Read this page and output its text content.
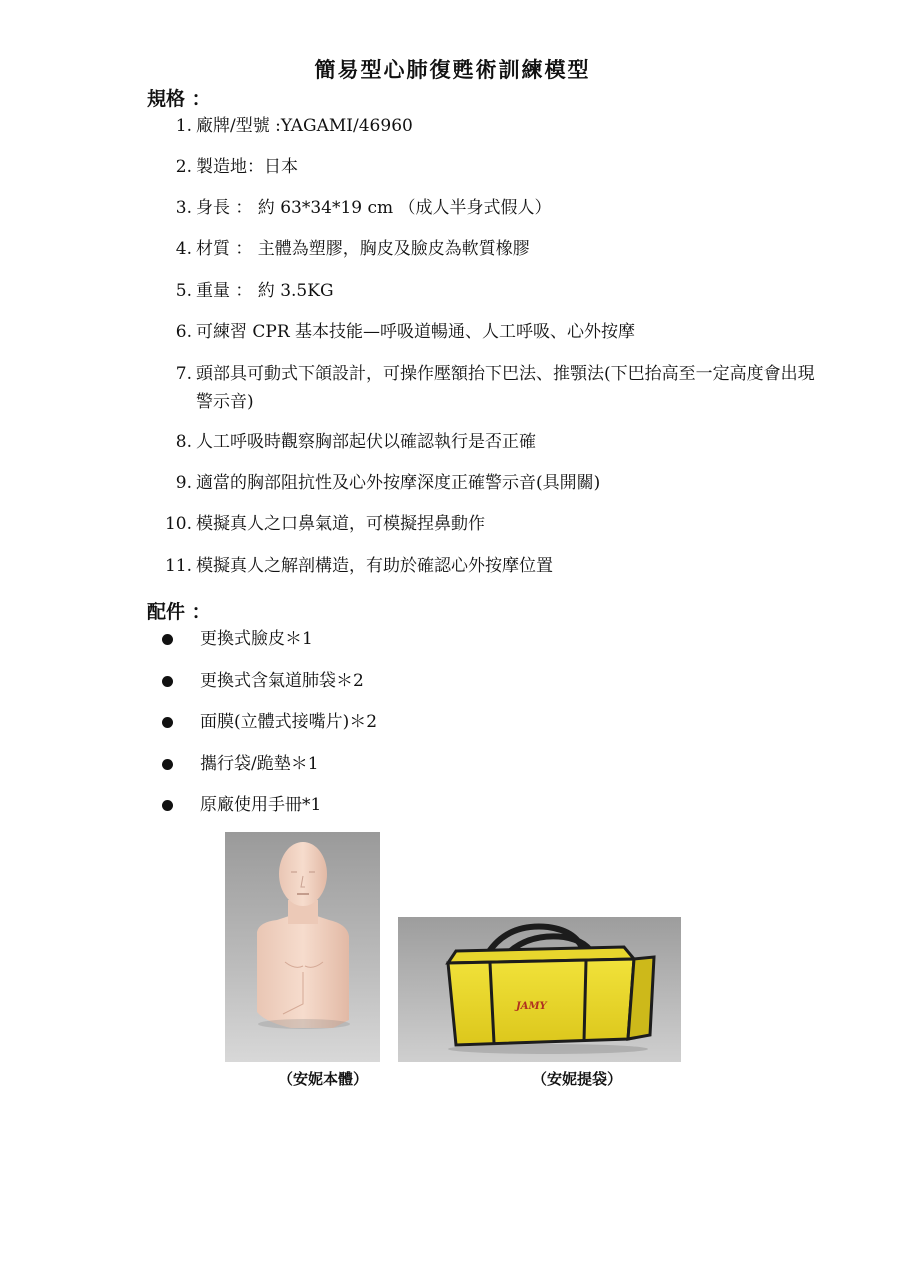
簡易型心肺復甦術訓練模型
規格 ：
1. 廠牌/型號 :YAGAMI/46960
2. 製造地：日本
3. 身長 ： 約 63*34*19 cm （成人半身式假人）
4. 材質 ： 主體為塑膠，胸皮及臉皮為軟質橡膠
5. 重量 ： 約 3.5KG
6. 可練習 CPR 基本技能—呼吸道暢通、人工呼吸、心外按摩
7. 頭部具可動式下頜設計，可操作壓額抬下巴法、推顎法(下巴抬高至一定高度會出現警示音)
8. 人工呼吸時觀察胸部起伏以確認執行是否正確
9. 適當的胸部阻抗性及心外按摩深度正確警示音(具開關)
10. 模擬真人之口鼻氣道，可模擬捏鼻動作
11. 模擬真人之解剖構造，有助於確認心外按摩位置
配件 ：
更換式臉皮＊1
更換式含氣道肺袋＊2
面膜(立體式接嘴片)＊2
攜行袋/跪墊＊1
原廠使用手冊*1
JAMY
（安妮本體）	（安妮提袋）
